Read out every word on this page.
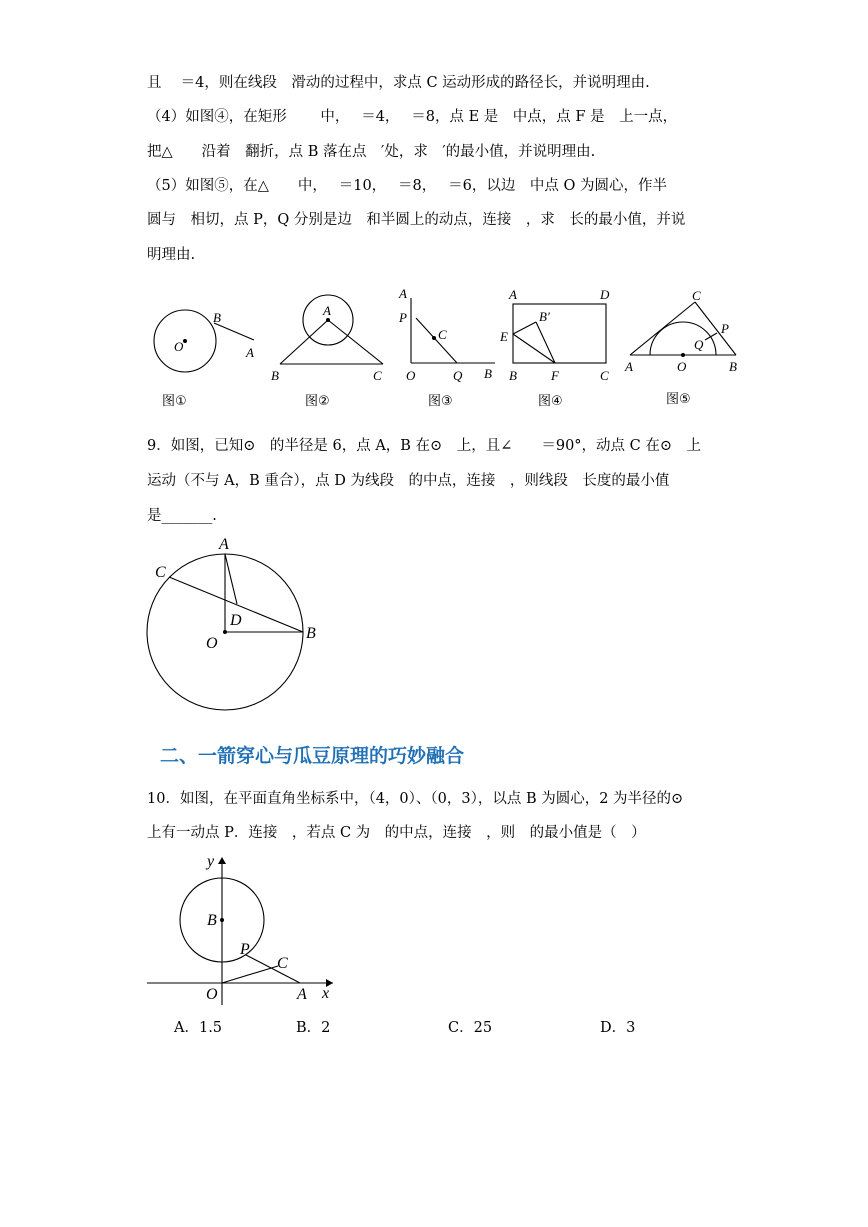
且　 ＝4，则在线段　滑动的过程中，求点 C 运动形成的路径长，并说明理由.
（4）如图④，在矩形　　 中，　 ＝4，　 ＝8，点 E 是　中点，点 F 是　上一点，
把△　　沿着　翻折，点 B 落在点　′处，求　′的最小值，并说明理由.
（5）如图⑤，在△　　中，　 ＝10，　 ＝8，　 ＝6，以边　中点 O 为圆心，作半
圆与　相切，点 P，Q 分别是边　和半圆上的动点，连接　，求　长的最小值，并说
明理由.
9．如图，已知⊙　的半径是 6，点 A，B 在⊙　上，且∠　　＝90°，动点 C 在⊙　上
运动（不与 A，B 重合），点 D 为线段　的中点，连接　，则线段　长度的最小值
是_______.
二、一箭穿心与瓜豆原理的巧妙融合
10．如图，在平面直角坐标系中，（4，0）、（0，3），以点 B 为圆心，2 为半径的⊙
上有一动点 P．连接　，若点 C 为　的中点，连接　，则　的最小值是（　）
A．1.5	B．2	C．25	D．3
B
O	A
A
B	C
A
P
C
O	Q B
A	D
B′
E
B	F	C
C
P
Q
A	O	B
图①	图②	图③	图④	图⑤
A
C
D
B
O
y
B
P
C
O	A x
